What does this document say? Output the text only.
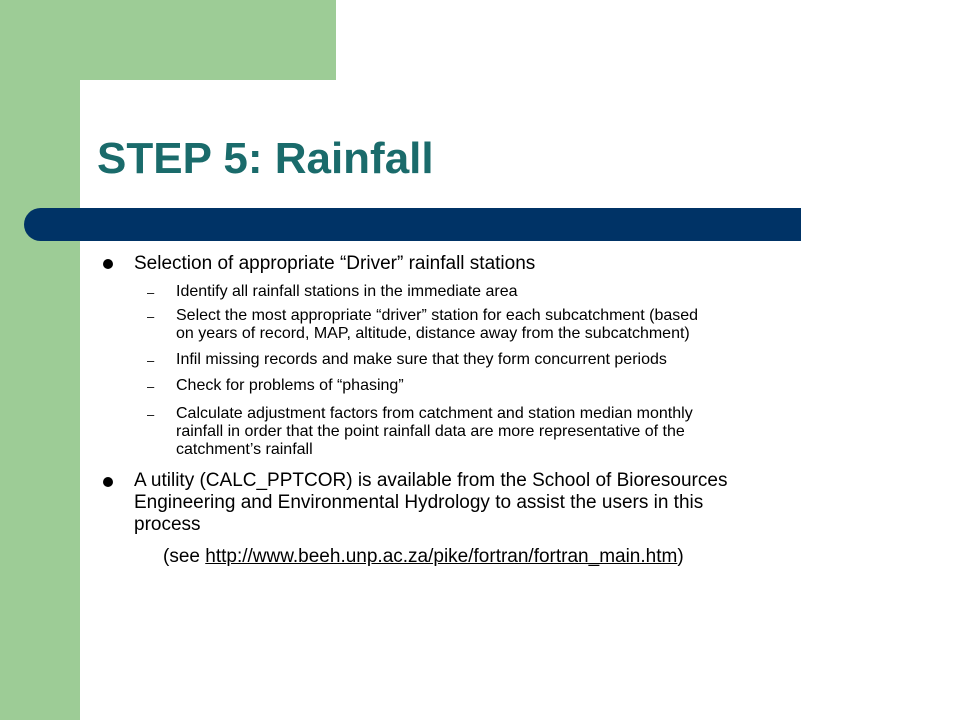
STEP 5: Rainfall
Selection of appropriate “Driver” rainfall stations
– Identify all rainfall stations in the immediate area
– Select the most appropriate “driver” station for each subcatchment (based
on years of record, MAP, altitude, distance away from the subcatchment)
– Infil missing records and make sure that they form concurrent periods
– Check for problems of “phasing”
– Calculate adjustment factors from catchment and station median monthly
rainfall in order that the point rainfall data are more representative of the
catchment’s rainfall
A utility (CALC_PPTCOR) is available from the School of Bioresources
Engineering and Environmental Hydrology to assist the users in this
process
(see http://www.beeh.unp.ac.za/pike/fortran/fortran_main.htm)
